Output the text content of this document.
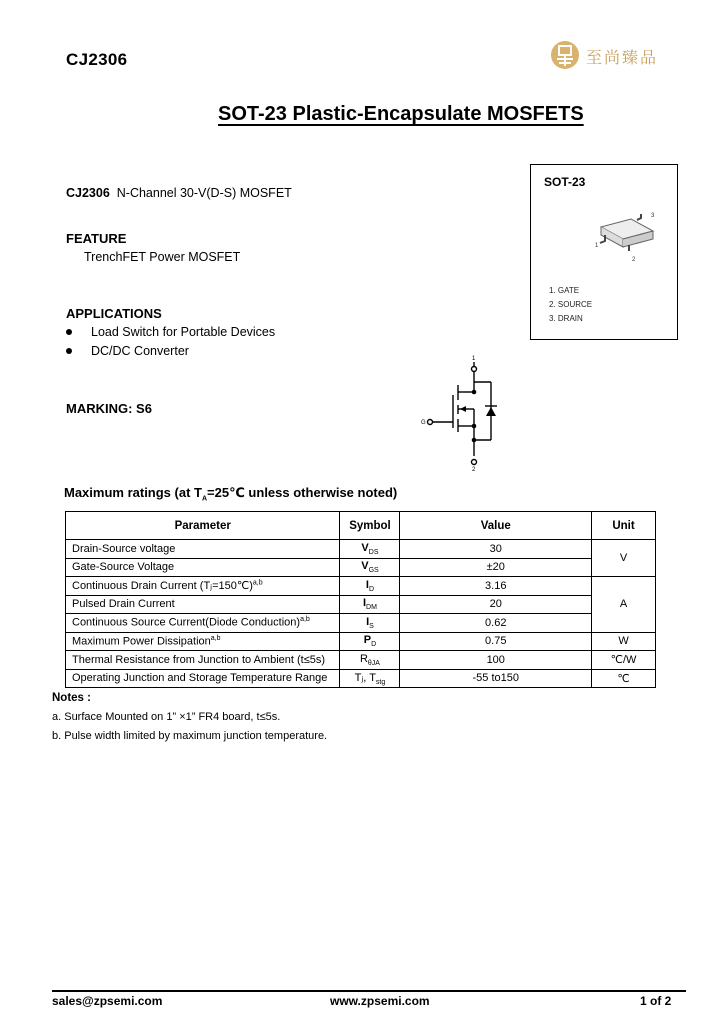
CJ2306	至尚臻品
SOT-23 Plastic-Encapsulate MOSFETS
CJ2306 N-Channel 30-V(D-S) MOSFET
FEATURE
TrenchFET Power MOSFET
APPLICATIONS
Load Switch for Portable Devices
DC/DC Converter
MARKING: S6
SOT-23
3
1
2
1. GATE
2. SOURCE
3. DRAIN
1
G
2
Maximum ratings (at $T_A=25℃$ unless otherwise noted)
Parameter	Symbol	Value	Unit
Drain-Source voltage	$V_{DS}$	30	V
Gate-Source Voltage	$V_{GS}$	±20	
Continuous Drain Current (Tⱼ=150℃)$^{a,b}$	$I_D$	3.16	A
Pulsed Drain Current	$I_{DM}$	20	
Continuous Source Current(Diode Conduction)$^{a,b}$	$I_S$	0.62	
Maximum Power Dissipation$^{a,b}$	$P_D$	0.75	W
Thermal Resistance from Junction to Ambient (t≤5s)	$R_{\theta JA}$	100	℃/W
Operating Junction and Storage Temperature Range	Tⱼ, $T_{stg}$	-55 to150	℃
Notes :
a. Surface Mounted on 1” ×1” FR4 board, t≤5s.
b. Pulse width limited by maximum junction temperature.
sales@zpsemi.com	www.zpsemi.com	1 of 2
